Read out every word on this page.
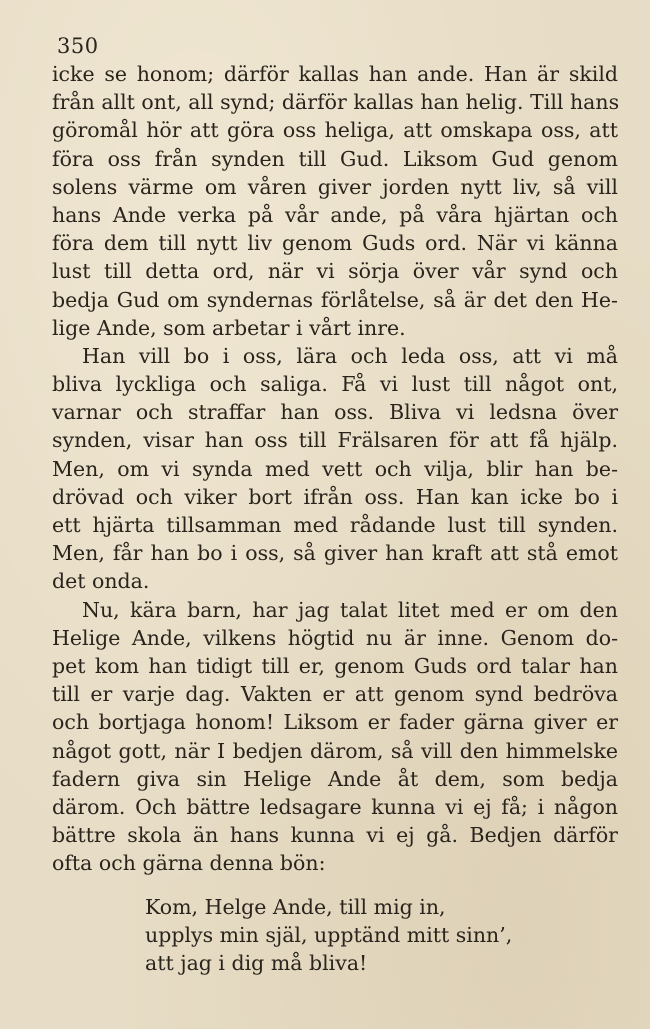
350
icke se honom; därför kallas han ande. Han är skild
från allt ont, all synd; därför kallas han helig. Till hans
göromål hör att göra oss heliga, att omskapa oss, att
föra oss från synden till Gud. Liksom Gud genom
solens värme om våren giver jorden nytt liv, så vill
hans Ande verka på vår ande, på våra hjärtan och
föra dem till nytt liv genom Guds ord. När vi känna
lust till detta ord, när vi sörja över vår synd och
bedja Gud om syndernas förlåtelse, så är det den He-
lige Ande, som arbetar i vårt inre.
Han vill bo i oss, lära och leda oss, att vi må
bliva lyckliga och saliga. Få vi lust till något ont,
varnar och straffar han oss. Bliva vi ledsna över
synden, visar han oss till Frälsaren för att få hjälp.
Men, om vi synda med vett och vilja, blir han be-
drövad och viker bort ifrån oss. Han kan icke bo i
ett hjärta tillsamman med rådande lust till synden.
Men, får han bo i oss, så giver han kraft att stå emot
det onda.
Nu, kära barn, har jag talat litet med er om den
Helige Ande, vilkens högtid nu är inne. Genom do-
pet kom han tidigt till er, genom Guds ord talar han
till er varje dag. Vakten er att genom synd bedröva
och bortjaga honom! Liksom er fader gärna giver er
något gott, när I bedjen därom, så vill den himmelske
fadern giva sin Helige Ande åt dem, som bedja
därom. Och bättre ledsagare kunna vi ej få; i någon
bättre skola än hans kunna vi ej gå. Bedjen därför
ofta och gärna denna bön:
Kom, Helge Ande, till mig in,
upplys min själ, upptänd mitt sinn’,
att jag i dig må bliva!
